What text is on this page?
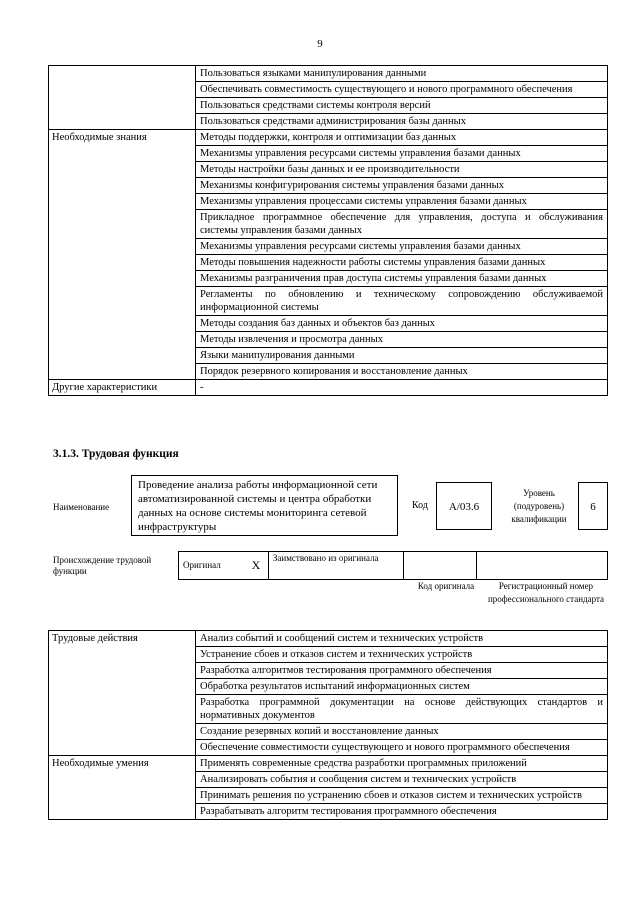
9
	Пользоваться языками манипулирования данными
	Обеспечивать совместимость существующего и нового программного обеспечения
	Пользоваться средствами системы контроля версий
	Пользоваться средствами администрирования базы данных
Необходимые знания	Методы поддержки, контроля и оптимизации баз данных
	Механизмы управления ресурсами системы управления базами данных
	Методы настройки базы данных и ее производительности
	Механизмы конфигурирования системы управления базами данных
	Механизмы управления процессами системы управления базами данных
	Прикладное программное обеспечение для управления, доступа и обслуживания системы управления базами данных
	Механизмы управления ресурсами системы управления базами данных
	Методы повышения надежности работы системы управления базами данных
	Механизмы разграничения прав доступа системы управления базами данных
	Регламенты по обновлению и техническому сопровождению обслуживаемой информационной системы
	Методы создания баз данных и объектов баз данных
	Методы извлечения и просмотра данных
	Языки манипулирования данными
	Порядок резервного копирования и восстановление данных
Другие характеристики	-
3.1.3. Трудовая функция
Наименование
Проведение анализа работы информационной сети автоматизированной системы и центра обработки данных на основе системы мониторинга сетевой инфраструктуры
Код	A/03.6
Уровень (подуровень) квалификации
6
Происхождение трудовой функции
Оригинал	X	Заимствовано из оригинала		
Код оригинала	Регистрационный номер профессионального стандарта
Трудовые действия	Анализ событий и сообщений систем и технических устройств
	Устранение сбоев и отказов систем и технических устройств
	Разработка алгоритмов тестирования программного обеспечения
	Обработка результатов испытаний информационных систем
	Разработка программной документации на основе действующих стандартов и нормативных документов
	Создание резервных копий и восстановление данных
	Обеспечение совместимости существующего и нового программного обеспечения
Необходимые умения	Применять современные средства разработки программных приложений
	Анализировать события и сообщения систем и технических устройств
	Принимать решения по устранению сбоев и отказов систем и технических устройств
	Разрабатывать алгоритм тестирования программного обеспечения
